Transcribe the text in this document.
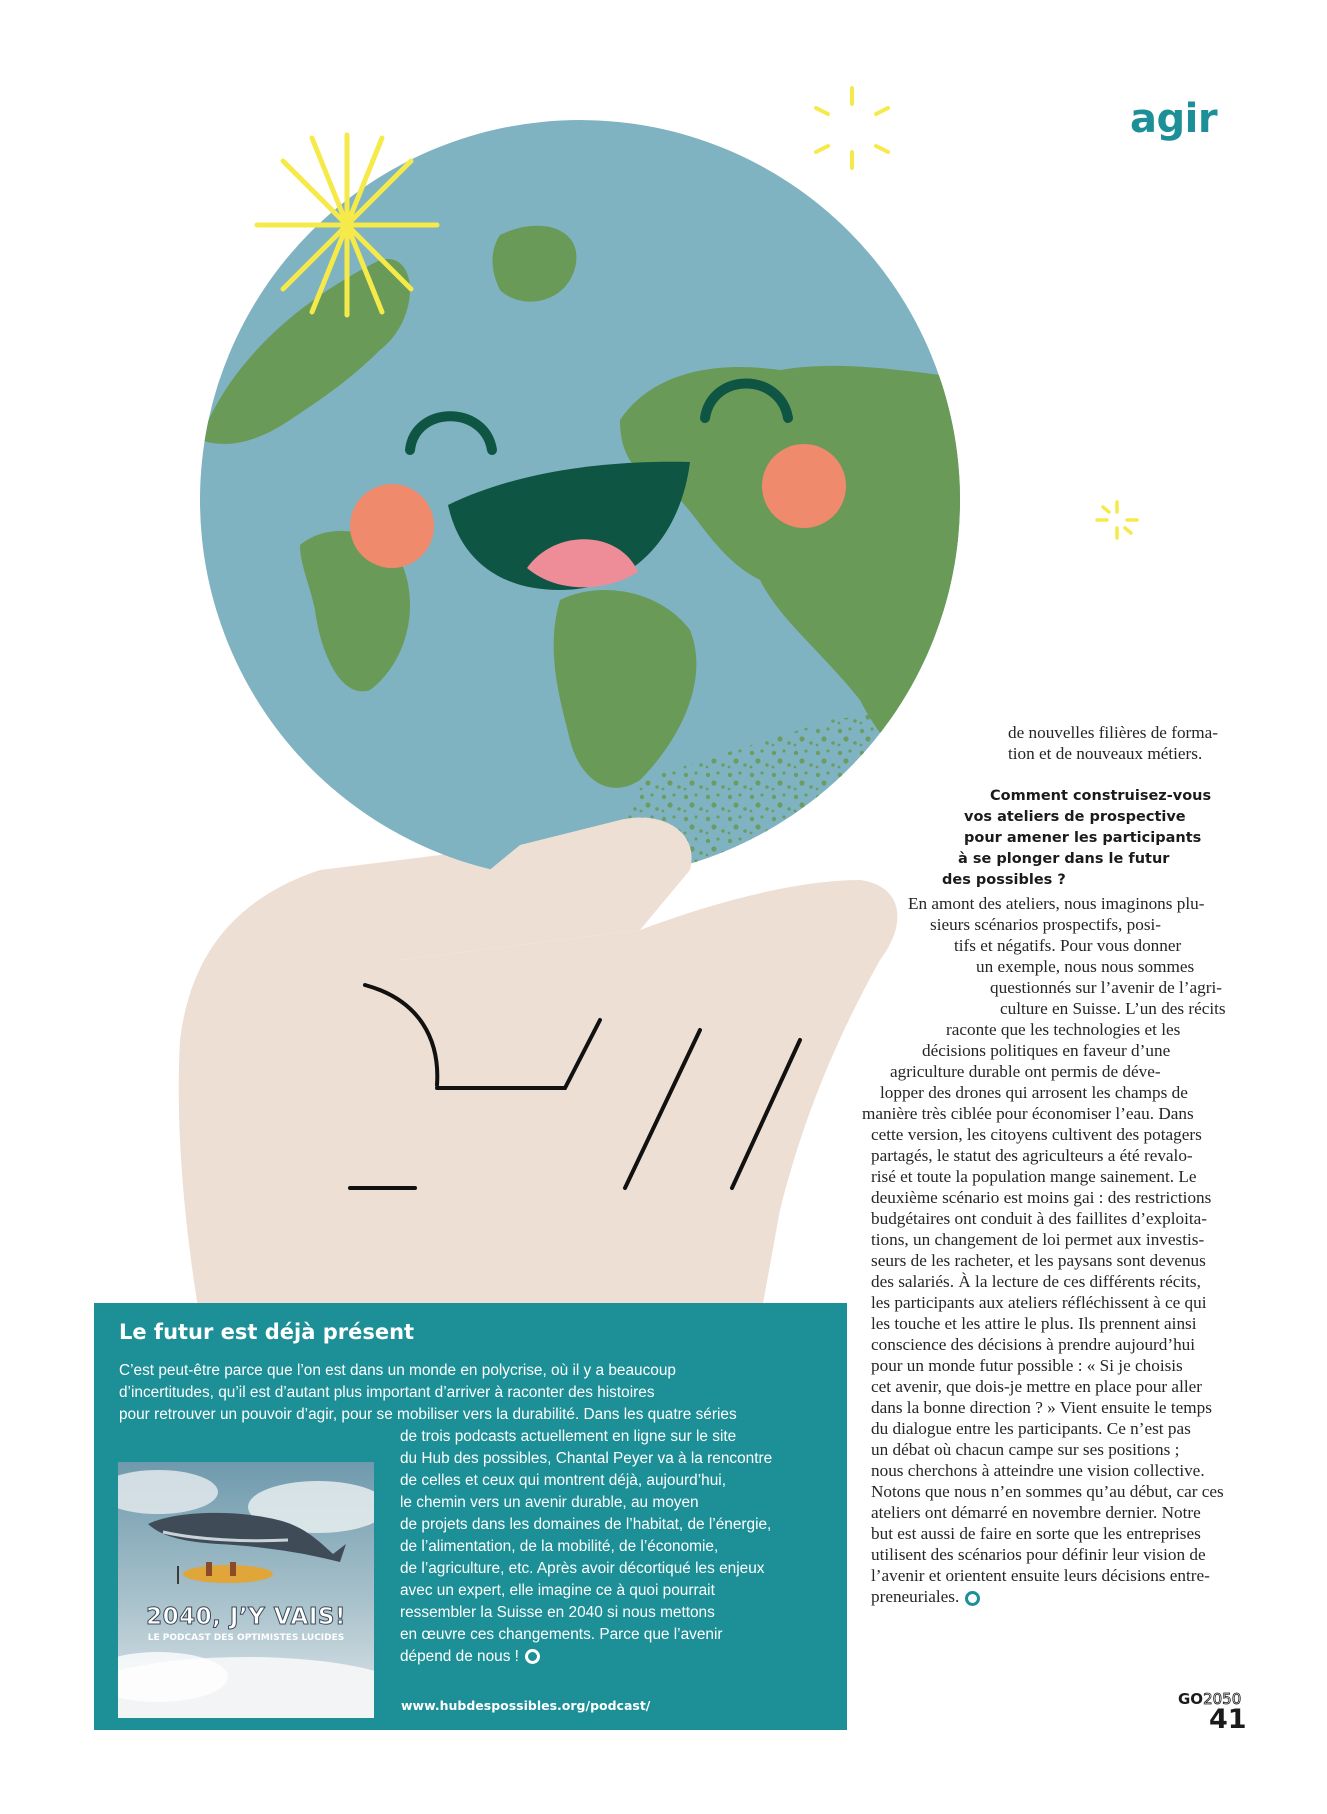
agir
de nouvelles filières de forma-
tion et de nouveaux métiers.
Comment construisez-vous
vos ateliers de prospective
pour amener les participants
à se plonger dans le futur
des possibles ?
En amont des ateliers, nous imaginons plu-
sieurs scénarios prospectifs, posi-
tifs et négatifs. Pour vous donner
un exemple, nous nous sommes
questionnés sur l’avenir de l’agri-
culture en Suisse. L’un des récits
raconte que les technologies et les
décisions politiques en faveur d’une
agriculture durable ont permis de déve-
lopper des drones qui arrosent les champs de
manière très ciblée pour économiser l’eau. Dans
cette version, les citoyens cultivent des potagers
partagés, le statut des agriculteurs a été revalo-
risé et toute la population mange sainement. Le
deuxième scénario est moins gai : des restrictions
budgétaires ont conduit à des faillites d’exploita-
tions, un changement de loi permet aux investis-
seurs de les racheter, et les paysans sont devenus
des salariés. À la lecture de ces différents récits,
les participants aux ateliers réfléchissent à ce qui
les touche et les attire le plus. Ils prennent ainsi
conscience des décisions à prendre aujourd’hui
pour un monde futur possible : « Si je choisis
cet avenir, que dois-je mettre en place pour aller
dans la bonne direction ? » Vient ensuite le temps
du dialogue entre les participants. Ce n’est pas
un débat où chacun campe sur ses positions ;
nous cherchons à atteindre une vision collective.
Notons que nous n’en sommes qu’au début, car ces
ateliers ont démarré en novembre dernier. Notre
but est aussi de faire en sorte que les entreprises
utilisent des scénarios pour définir leur vision de
l’avenir et orientent ensuite leurs décisions entre-
preneuriales.
Le futur est déjà présent
C’est peut-être parce que l’on est dans un monde en polycrise, où il y a beaucoup
d’incertitudes, qu’il est d’autant plus important d’arriver à raconter des histoires
pour retrouver un pouvoir d’agir, pour se mobiliser vers la durabilité. Dans les quatre séries
de trois podcasts actuellement en ligne sur le site
du Hub des possibles, Chantal Peyer va à la rencontre
de celles et ceux qui montrent déjà, aujourd’hui,
le chemin vers un avenir durable, au moyen
de projets dans les domaines de l’habitat, de l’énergie,
de l’alimentation, de la mobilité, de l’économie,
de l’agriculture, etc. Après avoir décortiqué les enjeux
avec un expert, elle imagine ce à quoi pourrait
ressembler la Suisse en 2040 si nous mettons
en œuvre ces changements. Parce que l’avenir
dépend de nous !
www.hubdespossibles.org/podcast/
2040, J’Y VAIS!
LE PODCAST DES OPTIMISTES LUCIDES
GO2050
41
